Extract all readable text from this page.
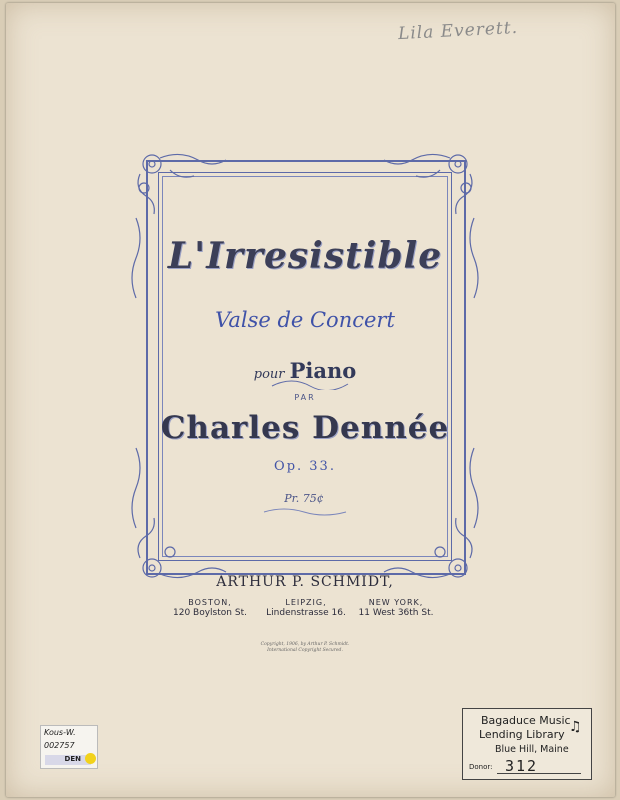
Lila Everett.
L'Irresistible
Valse de Concert
pour Piano
PAR
Charles Dennée
Op. 33.
Pr. 75¢
ARTHUR P. SCHMIDT,
BOSTON,
120 Boylston St.
LEIPZIG,
Lindenstrasse 16.
NEW YORK,
11 West 36th St.
Copyright, 1906, by Arthur P. Schmidt.
International Copyright Secured.
Kous-W.
002757
DEN
Bagaduce Music
Lending Library
Blue Hill, Maine
♫
Donor: 312
